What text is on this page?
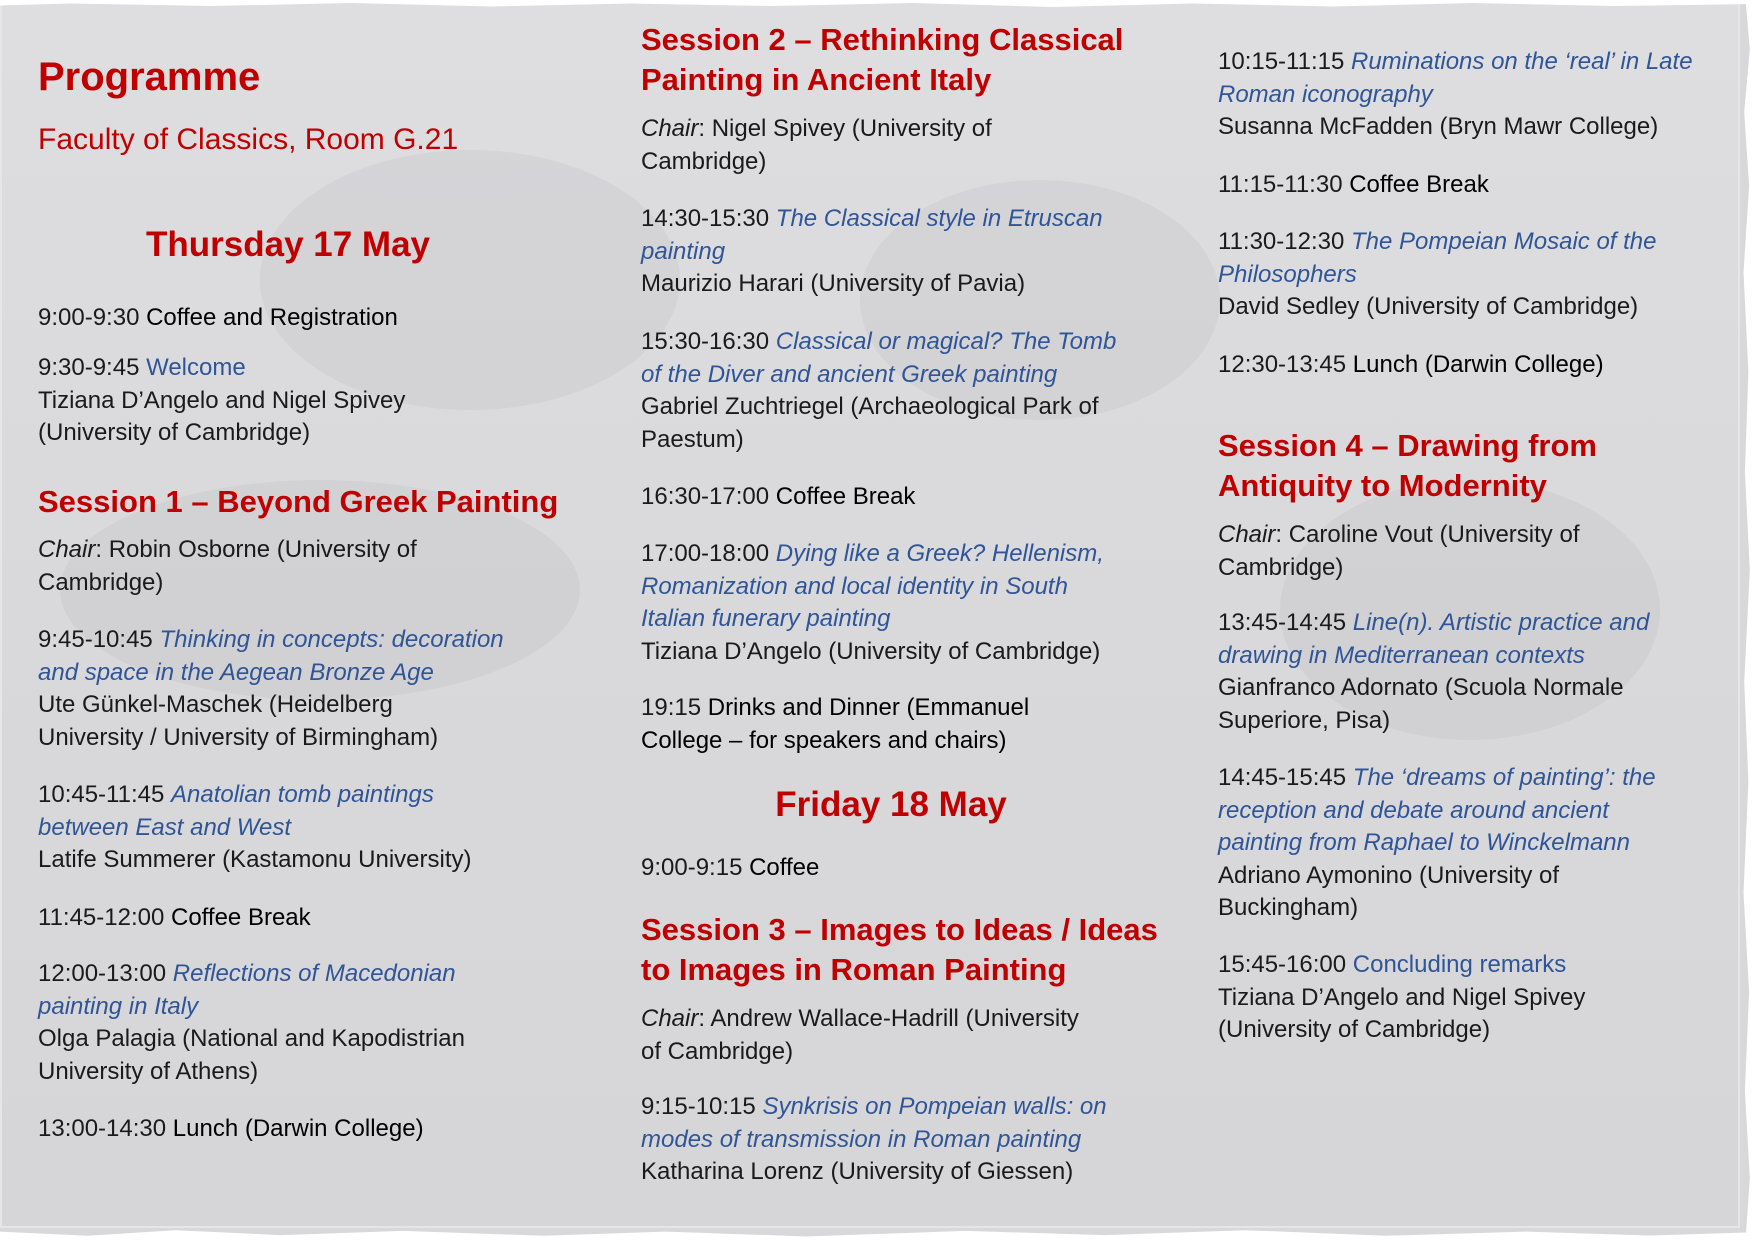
Programme

Faculty of Classics, Room G.21

Thursday 17 May

9:00-9:30 Coffee and Registration

9:30-9:45 Welcome

Tiziana D’Angelo and Nigel Spivey

(University of Cambridge)

Session 1 – Beyond Greek Painting

Chair: Robin Osborne (University of

Cambridge)

9:45-10:45 Thinking in concepts: decoration

and space in the Aegean Bronze Age

Ute Günkel-Maschek (Heidelberg

University / University of Birmingham)

10:45-11:45 Anatolian tomb paintings

between East and West

Latife Summerer (Kastamonu University)

11:45-12:00 Coffee Break

12:00-13:00 Reflections of Macedonian

painting in Italy

Olga Palagia (National and Kapodistrian

University of Athens)

13:00-14:30 Lunch (Darwin College)

Session 2 – Rethinking Classical
Painting in Ancient Italy

Chair: Nigel Spivey (University of

Cambridge)

14:30-15:30 The Classical style in Etruscan

painting

Maurizio Harari (University of Pavia)

15:30-16:30 Classical or magical? The Tomb

of the Diver and ancient Greek painting

Gabriel Zuchtriegel (Archaeological Park of

Paestum)

16:30-17:00 Coffee Break

17:00-18:00 Dying like a Greek? Hellenism,

Romanization and local identity in South

Italian funerary painting

Tiziana D’Angelo (University of Cambridge)

19:15 Drinks and Dinner (Emmanuel

College – for speakers and chairs)

Friday 18 May

9:00-9:15 Coffee

Session 3 – Images to Ideas / Ideas
to Images in Roman Painting

Chair: Andrew Wallace-Hadrill (University

of Cambridge)

9:15-10:15 Synkrisis on Pompeian walls: on

modes of transmission in Roman painting

Katharina Lorenz (University of Giessen)

10:15-11:15 Ruminations on the ‘real’ in Late

Roman iconography

Susanna McFadden (Bryn Mawr College)

11:15-11:30 Coffee Break

11:30-12:30 The Pompeian Mosaic of the

Philosophers

David Sedley (University of Cambridge)

12:30-13:45 Lunch (Darwin College)

Session 4 – Drawing from
Antiquity to Modernity

Chair: Caroline Vout (University of

Cambridge)

13:45-14:45 Line(n). Artistic practice and

drawing in Mediterranean contexts

Gianfranco Adornato (Scuola Normale

Superiore, Pisa)

14:45-15:45 The ‘dreams of painting’: the

reception and debate around ancient

painting from Raphael to Winckelmann

Adriano Aymonino (University of

Buckingham)

15:45-16:00 Concluding remarks

Tiziana D’Angelo and Nigel Spivey

(University of Cambridge)
